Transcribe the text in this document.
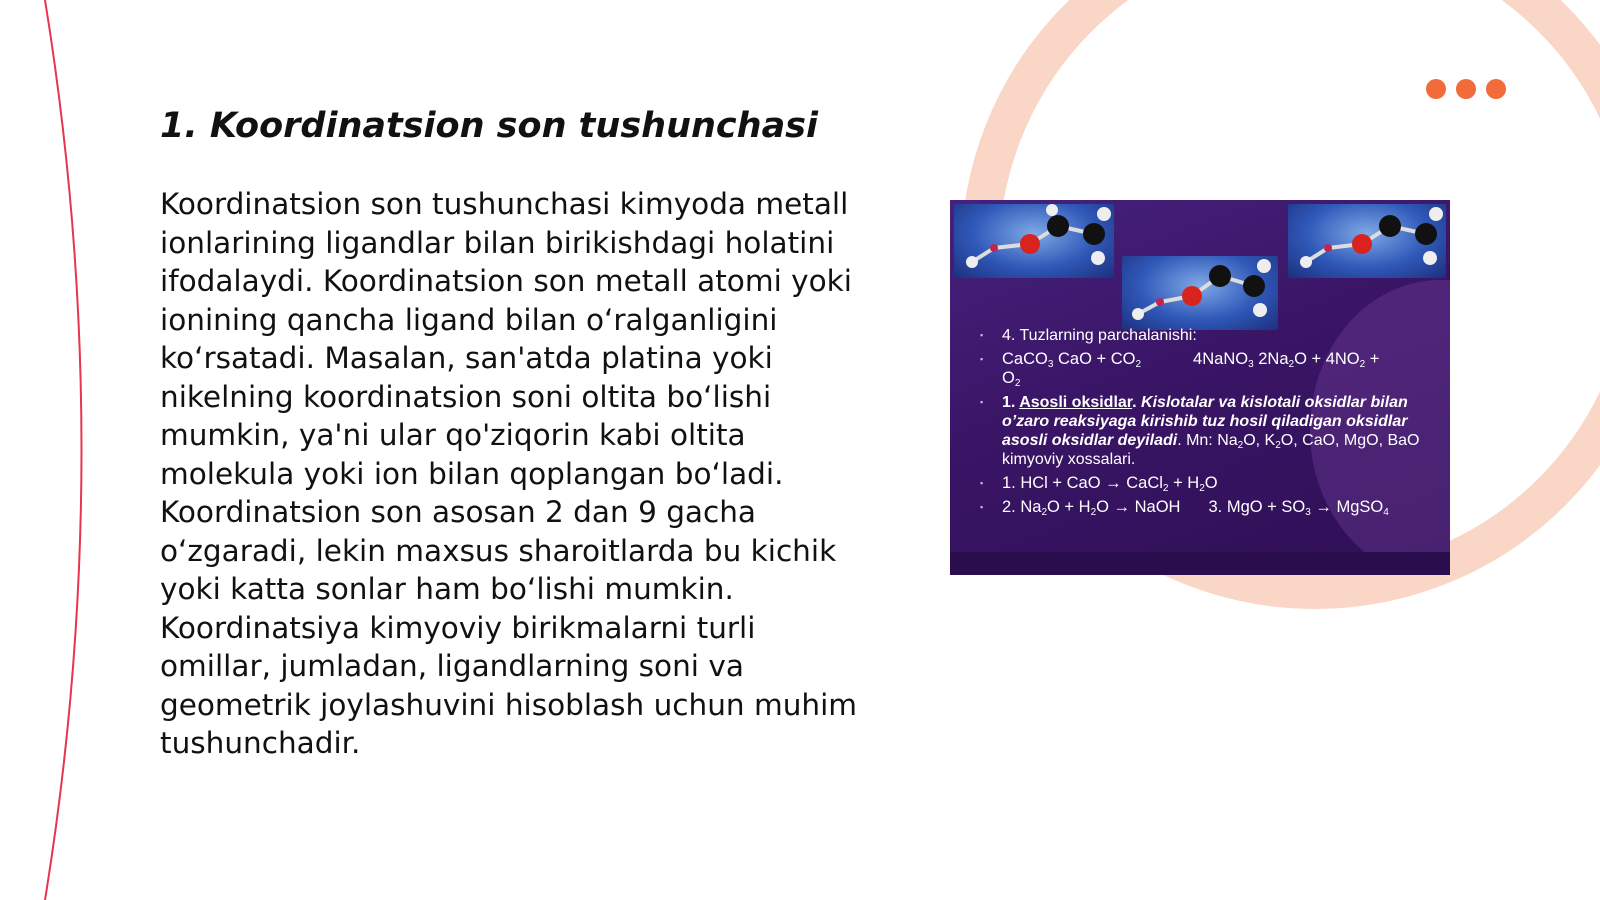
1. Koordinatsion son tushunchasi
Koordinatsion son tushunchasi kimyoda metall ionlarining ligandlar bilan birikishdagi holatini ifodalaydi. Koordinatsion son metall atomi yoki ionining qancha ligand bilan o‘ralganligini ko‘rsatadi. Masalan, san'atda platina yoki nikelning koordinatsion soni oltita bo‘lishi mumkin, ya'ni ular qo'ziqorin kabi oltita molekula yoki ion bilan qoplangan bo‘ladi. Koordinatsion son asosan 2 dan 9 gacha o‘zgaradi, lekin maxsus sharoitlarda bu kichik yoki katta sonlar ham bo‘lishi mumkin. Koordinatsiya kimyoviy birikmalarni turli omillar, jumladan, ligandlarning soni va geometrik joylashuvini hisoblash uchun muhim tushunchadir.
▪ 4. Tuzlarning parchalanishi:
▪ CaCO$_3$ CaO + $CO_2$	4NaNO$_3$ $2Na_2O + 4NO_2$ +
$O_2$
▪ 1. Asosli oksidlar. Kislotalar va kislotali oksidlar bilan o’zaro reaksiyaga kirishib tuz hosil qiladigan oksidlar asosli oksidlar deyiladi. Mn: $Na_2O$, $K_2O$, CaO, MgO, BaO kimyoviy xossalari.
▪ 1. HCl + CaO → CaCl$_2$ + $H_2O$
▪ 2. $Na_2O + H_2O$ → NaOH 3. MgO + $SO_3$ → MgSO$_4$
